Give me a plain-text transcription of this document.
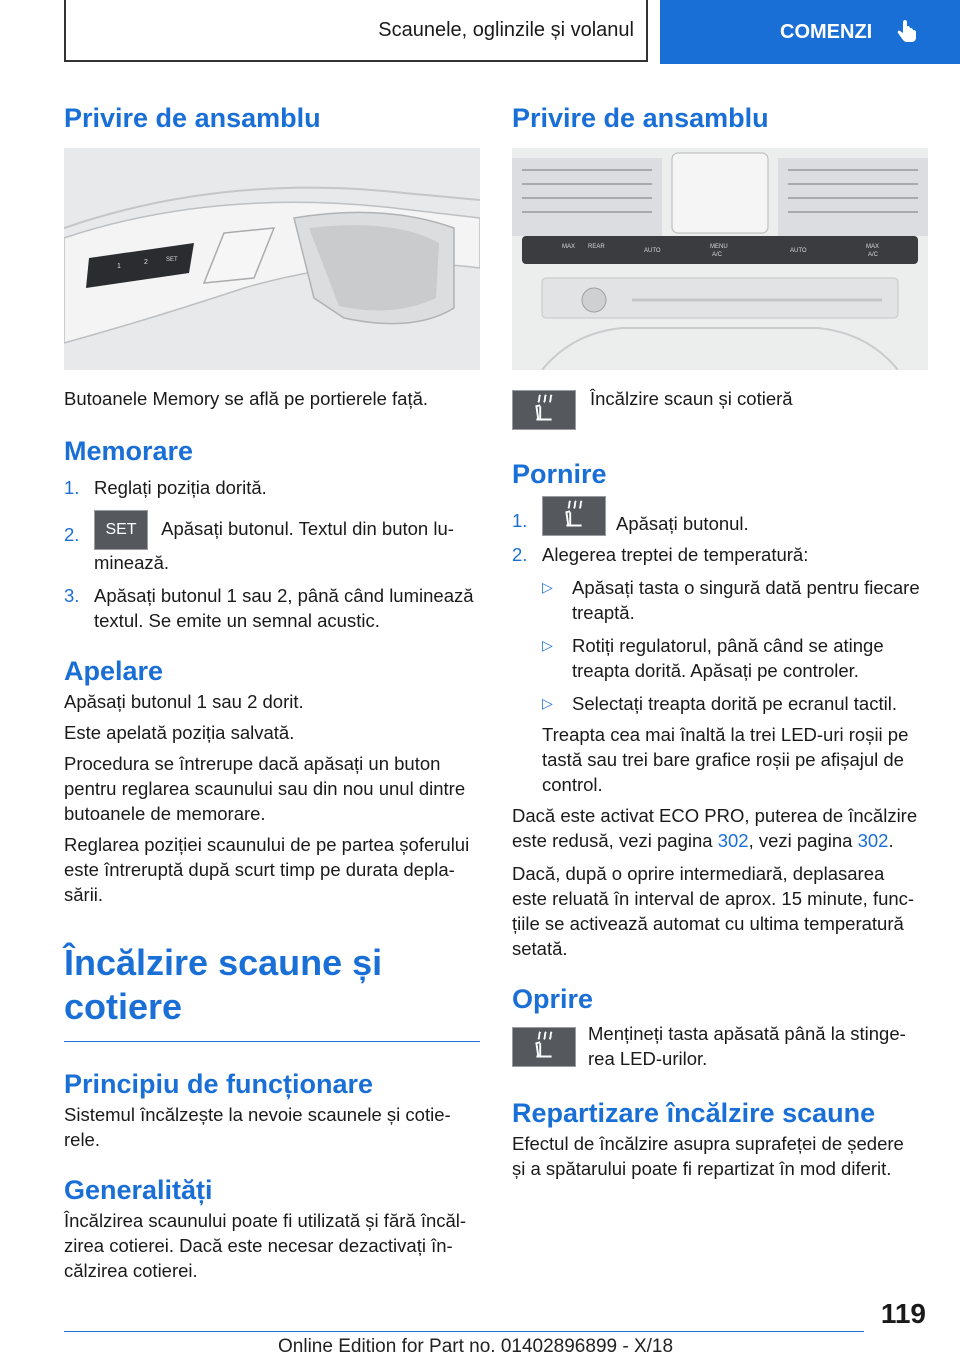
Scaunele, oglinzile și volanul	COMENZI
Privire de ansamblu
1
2	SET

Butoanele Memory se află pe portierele față.

Memorare
1. Reglați poziția dorită.
2. SET Apăsați butonul. Textul din buton lu-
minează.
3. Apăsați butonul 1 sau 2, până când luminează
textul. Se emite un semnal acustic.
Apelare

Apăsați butonul 1 sau 2 dorit.

Este apelată poziția salvată.

Procedura se întrerupe dacă apăsați un buton
pentru reglarea scaunului sau din nou unul dintre
butoanele de memorare.

Reglarea poziției scaunului de pe partea șoferului
este întreruptă după scurt timp pe durata depla-
sării.

Încălzire scaune și cotiere
Principiu de funcționare

Sistemul încălzește la nevoie scaunele și cotie-
rele.

Generalități

Încălzirea scaunului poate fi utilizată și fără încăl-
zirea cotierei. Dacă este necesar dezactivați în-
călzirea cotierei.

Privire de ansamblu
MAX REAR
AUTO
MENU
A/C
AUTO
MAX
A/C

Încălzire scaun și cotieră

Pornire
1.	Apăsați butonul.
2. Alegerea treptei de temperatură:
▷ Apăsați tasta o singură dată pentru fiecare
treaptă.
▷ Rotiți regulatorul, până când se atinge
treapta dorită. Apăsați pe controler.
▷ Selectați treapta dorită pe ecranul tactil.

Treapta cea mai înaltă la trei LED-uri roșii pe
tastă sau trei bare grafice roșii pe afișajul de
control.

Dacă este activat ECO PRO, puterea de încălzire
este redusă, vezi pagina 302, vezi pagina 302.

Dacă, după o oprire intermediară, deplasarea
este reluată în interval de aprox. 15 minute, func-
țiile se activează automat cu ultima temperatură
setată.

Oprire

Mențineți tasta apăsată până la stinge-
rea LED-urilor.

Repartizare încălzire scaune

Efectul de încălzire asupra suprafeței de ședere
și a spătarului poate fi repartizat în mod diferit.

119
Online Edition for Part no. 01402896899 - X/18
